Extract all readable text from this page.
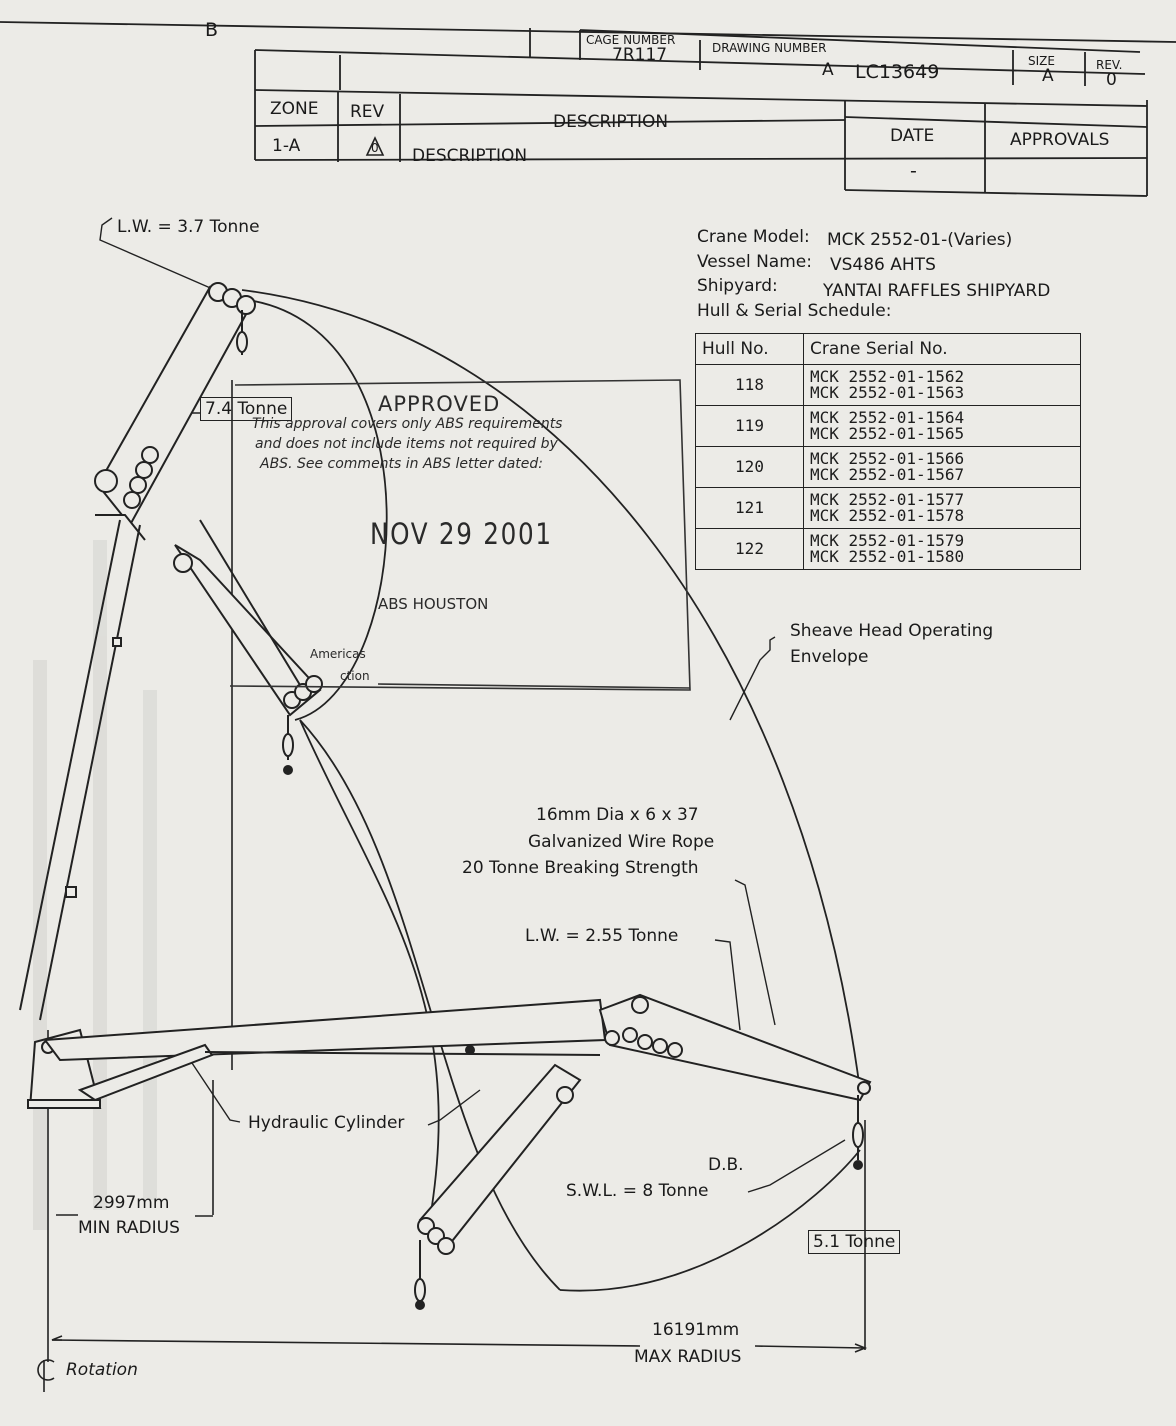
B	CAGE NUMBER
7R117	DRAWING NUMBER
A LC13649	SIZE
A
REV.
0
ZONE REV	DESCRIPTION
DATE	APPROVALS
1-A	0 DESCRIPTION
-
Crane Model: MCK 2552-01-(Varies)
Vessel Name: VS486 AHTS
Shipyard:	YANTAI RAFFLES SHIPYARD
Hull & Serial Schedule:
Hull No.	Crane Serial No.
118	MCK 2552-01-1562
MCK 2552-01-1563

119	MCK 2552-01-1564
MCK 2552-01-1565

120	MCK 2552-01-1566
MCK 2552-01-1567

121	MCK 2552-01-1577
MCK 2552-01-1578

122	MCK 2552-01-1579
MCK 2552-01-1580
APPROVED
This approval covers only ABS requirements
and does not include items not required by
ABS. See comments in ABS letter dated:
NOV 29 2001
ABS HOUSTON
Americas
ction
L.W. = 3.7 Tonne
7.4 Tonne
Sheave Head Operating
Envelope
16mm Dia x 6 x 37
Galvanized Wire Rope
20 Tonne Breaking Strength
L.W. = 2.55 Tonne
Hydraulic Cylinder
D.B.
S.W.L. = 8 Tonne
5.1 Tonne
2997mm
MIN RADIUS
16191mm
MAX RADIUS
Rotation
